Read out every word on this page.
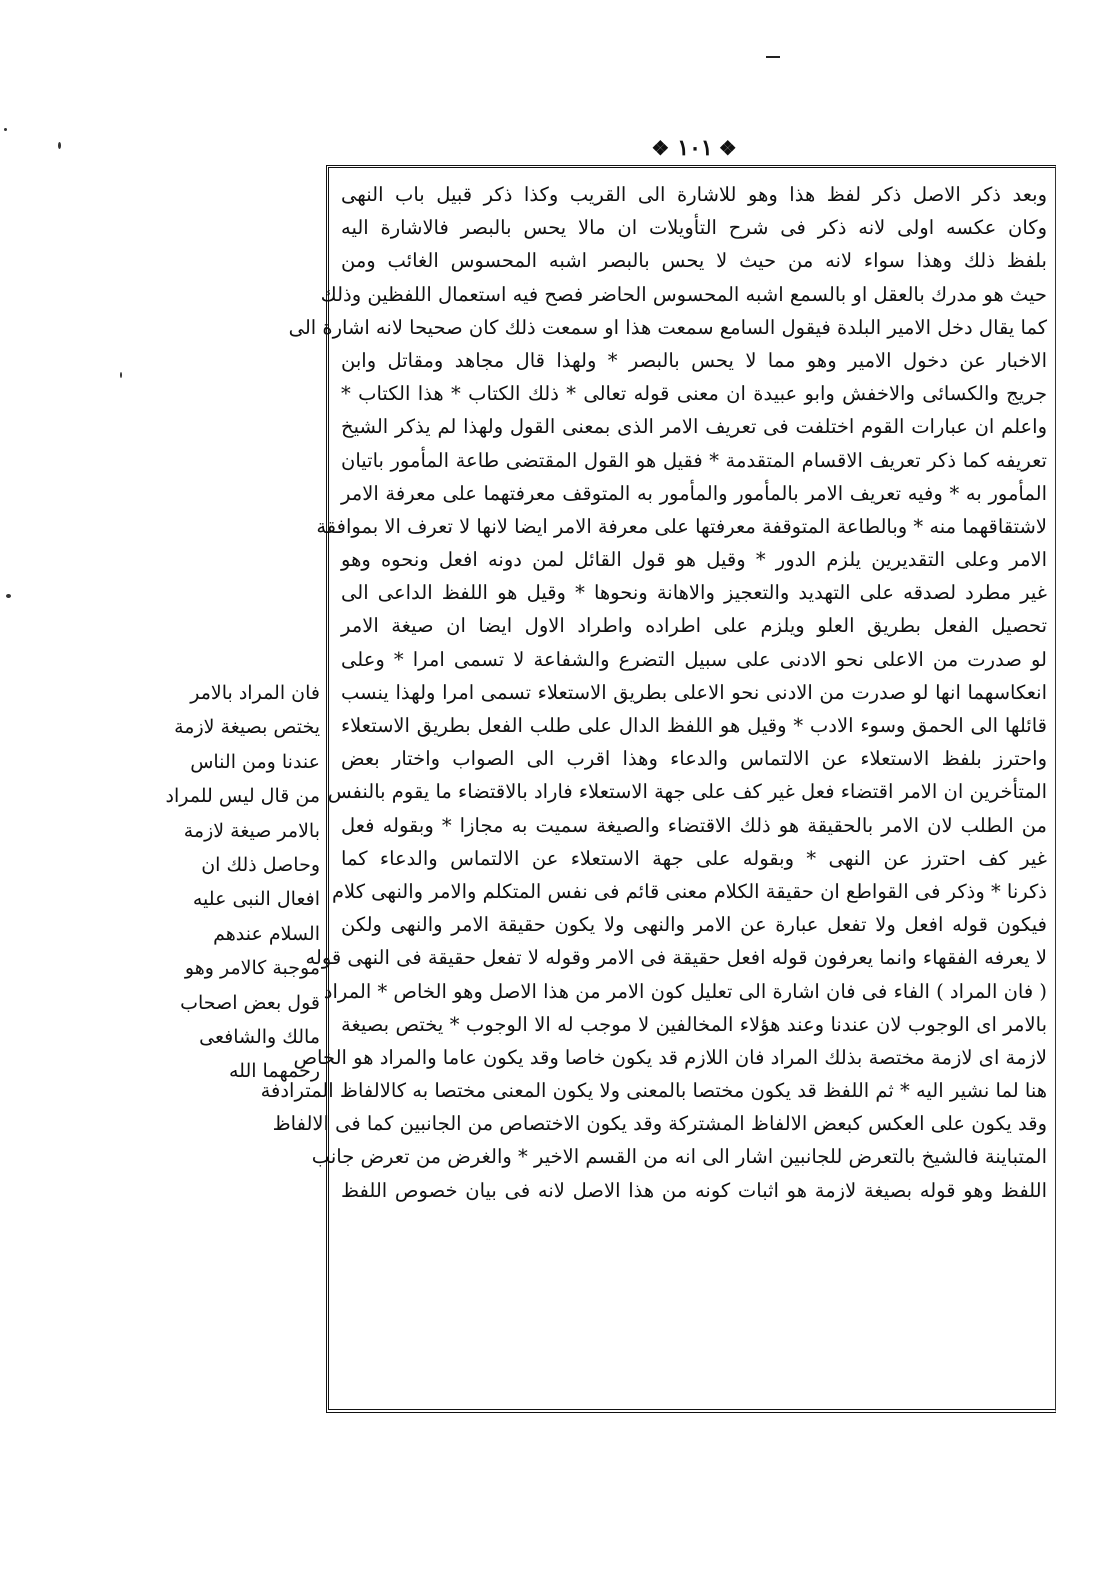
❖ ١٠١ ❖
وبعد ذكر الاصل ذكر لفظ هذا وهو للاشارة الى القريب وكذا ذكر قبيل باب النهى
وكان عكسه اولى لانه ذكر فى شرح التأويلات ان مالا يحس بالبصر فالاشارة اليه
بلفظ ذلك وهذا سواء لانه من حيث لا يحس بالبصر اشبه المحسوس الغائب ومن
حيث هو مدرك بالعقل او بالسمع اشبه المحسوس الحاضر فصح فيه استعمال اللفظين وذلك
كما يقال دخل الامير البلدة فيقول السامع سمعت هذا او سمعت ذلك كان صحيحا لانه اشارة الى
الاخبار عن دخول الامير وهو مما لا يحس بالبصر * ولهذا قال مجاهد ومقاتل وابن
جريج والكسائى والاخفش وابو عبيدة ان معنى قوله تعالى * ذلك الكتاب * هذا الكتاب *
واعلم ان عبارات القوم اختلفت فى تعريف الامر الذى بمعنى القول ولهذا لم يذكر الشيخ
تعريفه كما ذكر تعريف الاقسام المتقدمة * فقيل هو القول المقتضى طاعة المأمور باتيان
المأمور به * وفيه تعريف الامر بالمأمور والمأمور به المتوقف معرفتهما على معرفة الامر
لاشتقاقهما منه * وبالطاعة المتوقفة معرفتها على معرفة الامر ايضا لانها لا تعرف الا بموافقة
الامر وعلى التقديرين يلزم الدور * وقيل هو قول القائل لمن دونه افعل ونحوه وهو
غير مطرد لصدقه على التهديد والتعجيز والاهانة ونحوها * وقيل هو اللفظ الداعى الى
تحصيل الفعل بطريق العلو ويلزم على اطراده واطراد الاول ايضا ان صيغة الامر
لو صدرت من الاعلى نحو الادنى على سبيل التضرع والشفاعة لا تسمى امرا * وعلى
انعكاسهما انها لو صدرت من الادنى نحو الاعلى بطريق الاستعلاء تسمى امرا ولهذا ينسب
قائلها الى الحمق وسوء الادب * وقيل هو اللفظ الدال على طلب الفعل بطريق الاستعلاء
واحترز بلفظ الاستعلاء عن الالتماس والدعاء وهذا اقرب الى الصواب واختار بعض
المتأخرين ان الامر اقتضاء فعل غير كف على جهة الاستعلاء فاراد بالاقتضاء ما يقوم بالنفس
من الطلب لان الامر بالحقيقة هو ذلك الاقتضاء والصيغة سميت به مجازا * وبقوله فعل
غير كف احترز عن النهى * وبقوله على جهة الاستعلاء عن الالتماس والدعاء كما
ذكرنا * وذكر فى القواطع ان حقيقة الكلام معنى قائم فى نفس المتكلم والامر والنهى كلام
فيكون قوله افعل ولا تفعل عبارة عن الامر والنهى ولا يكون حقيقة الامر والنهى ولكن
لا يعرفه الفقهاء وانما يعرفون قوله افعل حقيقة فى الامر وقوله لا تفعل حقيقة فى النهى قوله
( فان المراد ) الفاء فى فان اشارة الى تعليل كون الامر من هذا الاصل وهو الخاص * المراد
بالامر اى الوجوب لان عندنا وعند هؤلاء المخالفين لا موجب له الا الوجوب * يختص بصيغة
لازمة اى لازمة مختصة بذلك المراد فان اللازم قد يكون خاصا وقد يكون عاما والمراد هو الخاص
هنا لما نشير اليه * ثم اللفظ قد يكون مختصا بالمعنى ولا يكون المعنى مختصا به كالالفاظ المترادفة
وقد يكون على العكس كبعض الالفاظ المشتركة وقد يكون الاختصاص من الجانبين كما فى الالفاظ
المتباينة فالشيخ بالتعرض للجانبين اشار الى انه من القسم الاخير * والغرض من تعرض جانب
اللفظ وهو قوله بصيغة لازمة هو اثبات كونه من هذا الاصل لانه فى بيان خصوص اللفظ
فان المراد بالامر
يختص بصيغة لازمة
عندنا ومن الناس
من قال ليس للمراد
بالامر صيغة لازمة
وحاصل ذلك ان
افعال النبى عليه
السلام عندهم
موجبة كالامر وهو
قول بعض اصحاب
مالك والشافعى
رحمهما الله
